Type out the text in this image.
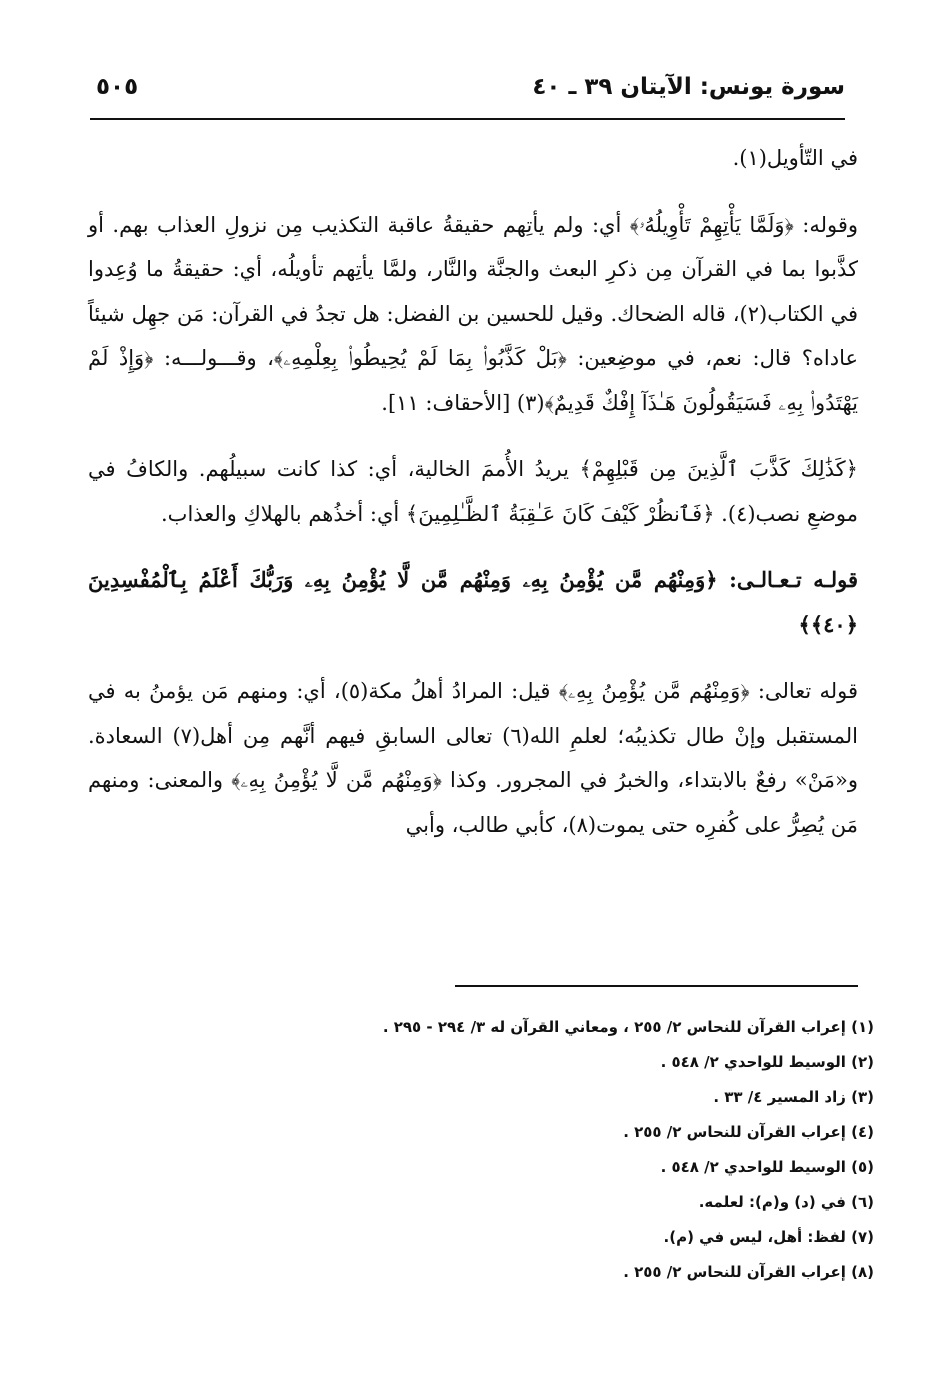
سورة يونس: الآيتان ٣٩ ـ ٤٠
٥٠٥

في التّأويل(١).

وقوله: ﴿وَلَمَّا يَأْتِهِمْ تَأْوِيلُهُۥ﴾ أي: ولم يأتِهم حقيقةُ عاقبة التكذيب مِن نزولِ العذاب بهم. أو كذَّبوا بما في القرآن مِن ذكرِ البعث والجنَّة والنَّار، ولمَّا يأتِهم تأويلُه، أي: حقيقةُ ما وُعِدوا في الكتاب(٢)، قاله الضحاك. وقيل للحسين بن الفضل: هل تجدُ في القرآن: مَن جهِل شيئاً عاداه؟ قال: نعم، في موضِعين: ﴿بَلْ كَذَّبُوا۟ بِمَا لَمْ يُحِيطُوا۟ بِعِلْمِهِۦ﴾، وقـــولـــه: ﴿وَإِذْ لَمْ يَهْتَدُوا۟ بِهِۦ فَسَيَقُولُونَ هَـٰذَآ إِفْكٌ قَدِيمٌ﴾(٣) [الأحقاف: ١١].

﴿كَذَٰلِكَ كَذَّبَ ٱلَّذِينَ مِن قَبْلِهِمْ﴾ يريدُ الأُممَ الخالية، أي: كذا كانت سبيلُهم. والكافُ في موضعِ نصب(٤). ﴿فَٱنظُرْ كَيْفَ كَانَ عَـٰقِبَةُ ٱلظَّـٰلِمِينَ﴾ أي: أخذُهم بالهلاكِ والعذاب.

قولـه تـعـالـى: ﴿وَمِنْهُم مَّن يُؤْمِنُ بِهِۦ وَمِنْهُم مَّن لَّا يُؤْمِنُ بِهِۦ وَرَبُّكَ أَعْلَمُ بِٱلْمُفْسِدِينَ ﴿٤٠﴾﴾

قوله تعالى: ﴿وَمِنْهُم مَّن يُؤْمِنُ بِهِۦ﴾ قيل: المرادُ أهلُ مكة(٥)، أي: ومنهم مَن يؤمنُ به في المستقبل وإنْ طال تكذيبُه؛ لعلمِ الله(٦) تعالى السابقِ فيهم أنَّهم مِن أهل(٧) السعادة. و«مَنْ» رفعٌ بالابتداء، والخبرُ في المجرور. وكذا ﴿وَمِنْهُم مَّن لَّا يُؤْمِنُ بِهِۦ﴾ والمعنى: ومنهم مَن يُصِرُّ على كُفرِه حتى يموت(٨)، كأبي طالب، وأبي

(١) إعراب القرآن للنحاس ٢/ ٢٥٥ ، ومعاني القرآن له ٣/ ٢٩٤ - ٢٩٥ .

(٢) الوسيط للواحدي ٢/ ٥٤٨ .

(٣) زاد المسير ٤/ ٣٣ .

(٤) إعراب القرآن للنحاس ٢/ ٢٥٥ .

(٥) الوسيط للواحدي ٢/ ٥٤٨ .

(٦) في (د) و(م): لعلمه.

(٧) لفظ: أهل، ليس في (م).

(٨) إعراب القرآن للنحاس ٢/ ٢٥٥ .
